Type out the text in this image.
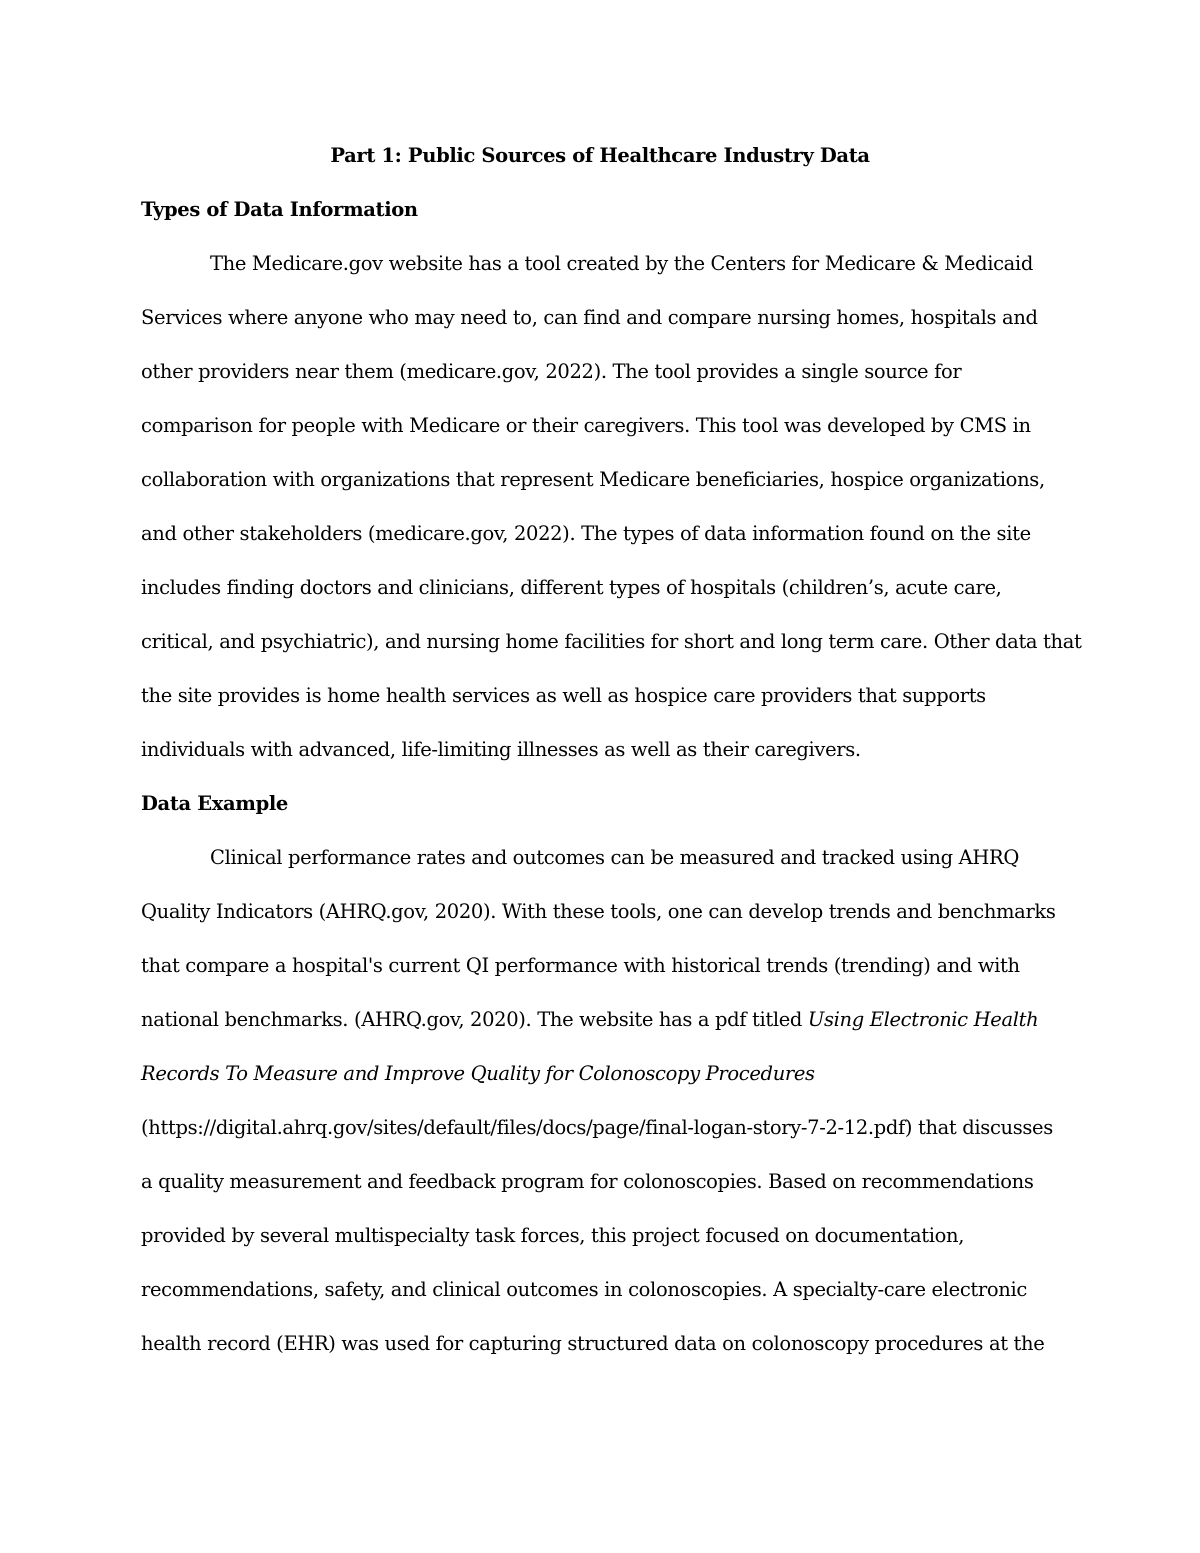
Part 1: Public Sources of Healthcare Industry Data
Types of Data Information
The Medicare.gov website has a tool created by the Centers for Medicare & Medicaid
Services where anyone who may need to, can find and compare nursing homes, hospitals and
other providers near them (medicare.gov, 2022). The tool provides a single source for
comparison for people with Medicare or their caregivers. This tool was developed by CMS in
collaboration with organizations that represent Medicare beneficiaries, hospice organizations,
and other stakeholders (medicare.gov, 2022). The types of data information found on the site
includes finding doctors and clinicians, different types of hospitals (children’s, acute care,
critical, and psychiatric), and nursing home facilities for short and long term care. Other data that
the site provides is home health services as well as hospice care providers that supports
individuals with advanced, life-limiting illnesses as well as their caregivers.
Data Example
Clinical performance rates and outcomes can be measured and tracked using AHRQ
Quality Indicators (AHRQ.gov, 2020). With these tools, one can develop trends and benchmarks
that compare a hospital's current QI performance with historical trends (trending) and with
national benchmarks. (AHRQ.gov, 2020). The website has a pdf titled Using Electronic Health
Records To Measure and Improve Quality for Colonoscopy Procedures
(https://digital.ahrq.gov/sites/default/files/docs/page/final-logan-story-7-2-12.pdf) that discusses
a quality measurement and feedback program for colonoscopies. Based on recommendations
provided by several multispecialty task forces, this project focused on documentation,
recommendations, safety, and clinical outcomes in colonoscopies. A specialty-care electronic
health record (EHR) was used for capturing structured data on colonoscopy procedures at the
